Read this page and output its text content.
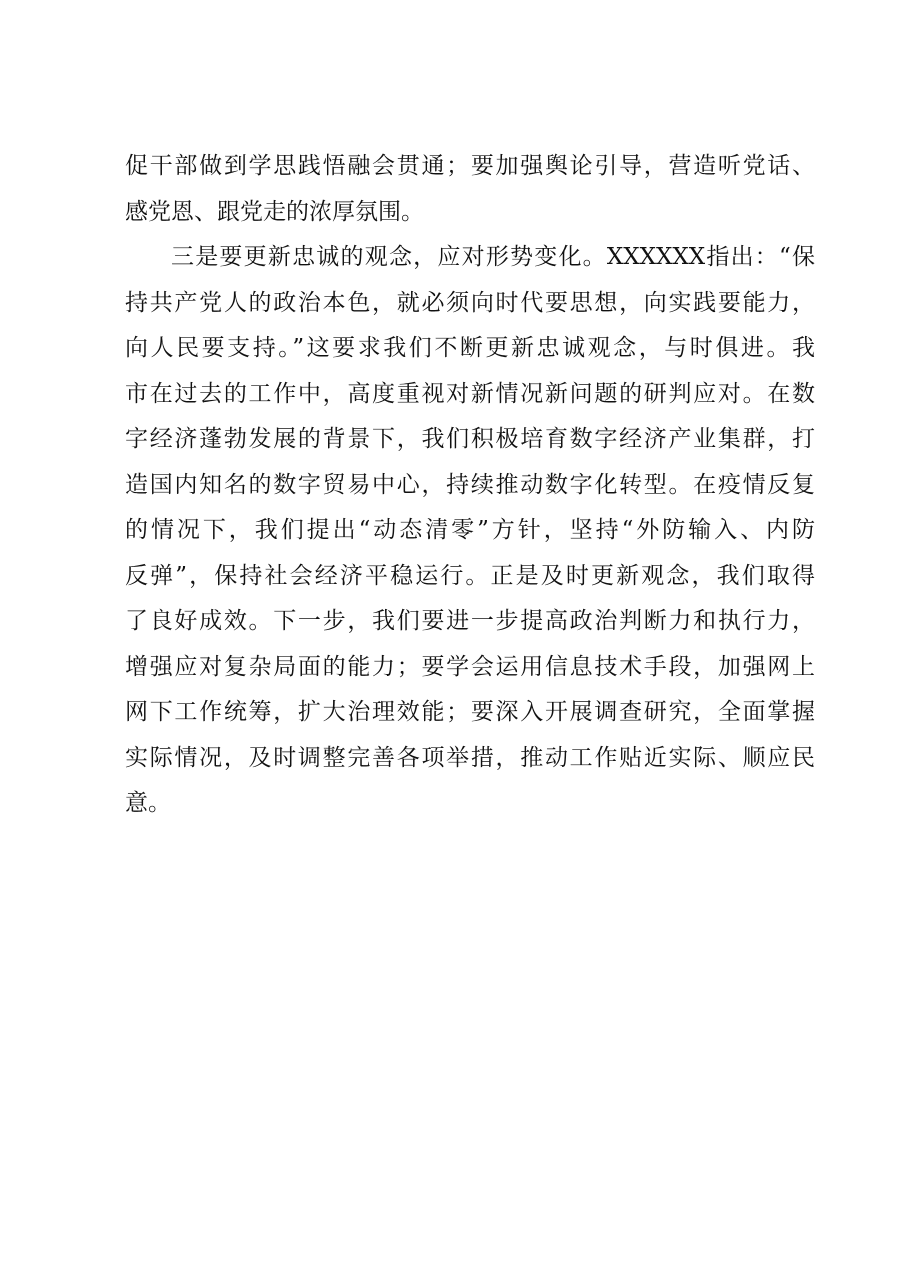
促干部做到学思践悟融会贯通；要加强舆论引导，营造听党话、
感党恩、跟党走的浓厚氛围。
三是要更新忠诚的观念，应对形势变化。XXXXXX指出：“保
持共产党人的政治本色，就必须向时代要思想，向实践要能力，
向人民要支持。”这要求我们不断更新忠诚观念，与时俱进。我
市在过去的工作中，高度重视对新情况新问题的研判应对。在数
字经济蓬勃发展的背景下，我们积极培育数字经济产业集群，打
造国内知名的数字贸易中心，持续推动数字化转型。在疫情反复
的情况下，我们提出“动态清零”方针，坚持“外防输入、内防
反弹”，保持社会经济平稳运行。正是及时更新观念，我们取得
了良好成效。下一步，我们要进一步提高政治判断力和执行力，
增强应对复杂局面的能力；要学会运用信息技术手段，加强网上
网下工作统筹，扩大治理效能；要深入开展调查研究，全面掌握
实际情况，及时调整完善各项举措，推动工作贴近实际、顺应民
意。
